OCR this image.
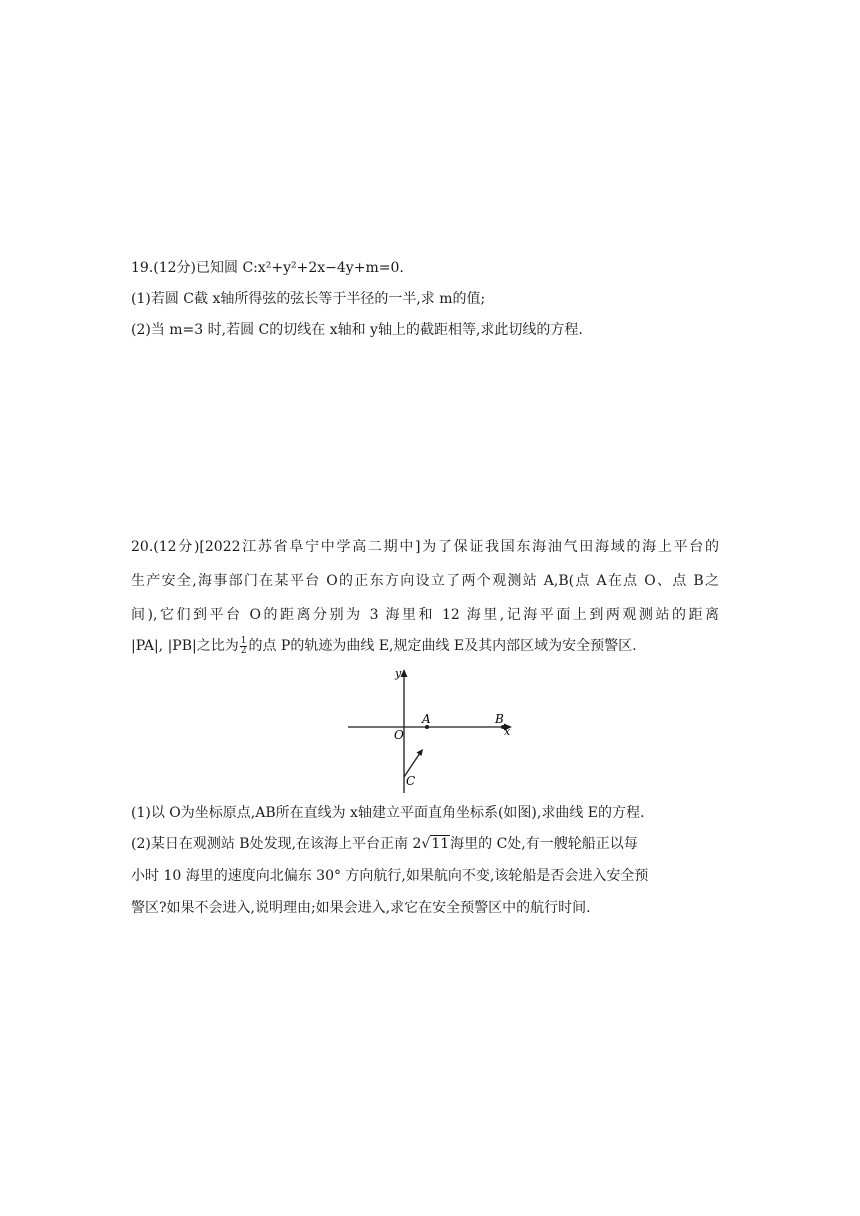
19.(12分)已知圆 C:x²+y²+2x−4y+m=0.
(1)若圆 C截 x轴所得弦的弦长等于半径的一半,求 m的值;
(2)当 m=3 时,若圆 C的切线在 x轴和 y轴上的截距相等,求此切线的方程.
20.(12分)[2022江苏省阜宁中学高二期中]为了保证我国东海油气田海域的海上平台的
生产安全,海事部门在某平台 O的正东方向设立了两个观测站 A,B(点 A在点 O、点 B之
间),它们到平台 O的距离分别为 3 海里和 12 海里,记海平面上到两观测站的距离
|PA|, |PB|之比为 $\frac{1}{2}$ 的点 P的轨迹为曲线 E,规定曲线 E及其内部区域为安全预警区.
y
x
O
A	B
C
(1)以 O为坐标原点,AB所在直线为 x轴建立平面直角坐标系(如图),求曲线 E的方程.
(2)某日在观测站 B处发现,在该海上平台正南 2√11海里的 C处,有一艘轮船正以每
小时 10 海里的速度向北偏东 30° 方向航行,如果航向不变,该轮船是否会进入安全预
警区?如果不会进入,说明理由;如果会进入,求它在安全预警区中的航行时间.
